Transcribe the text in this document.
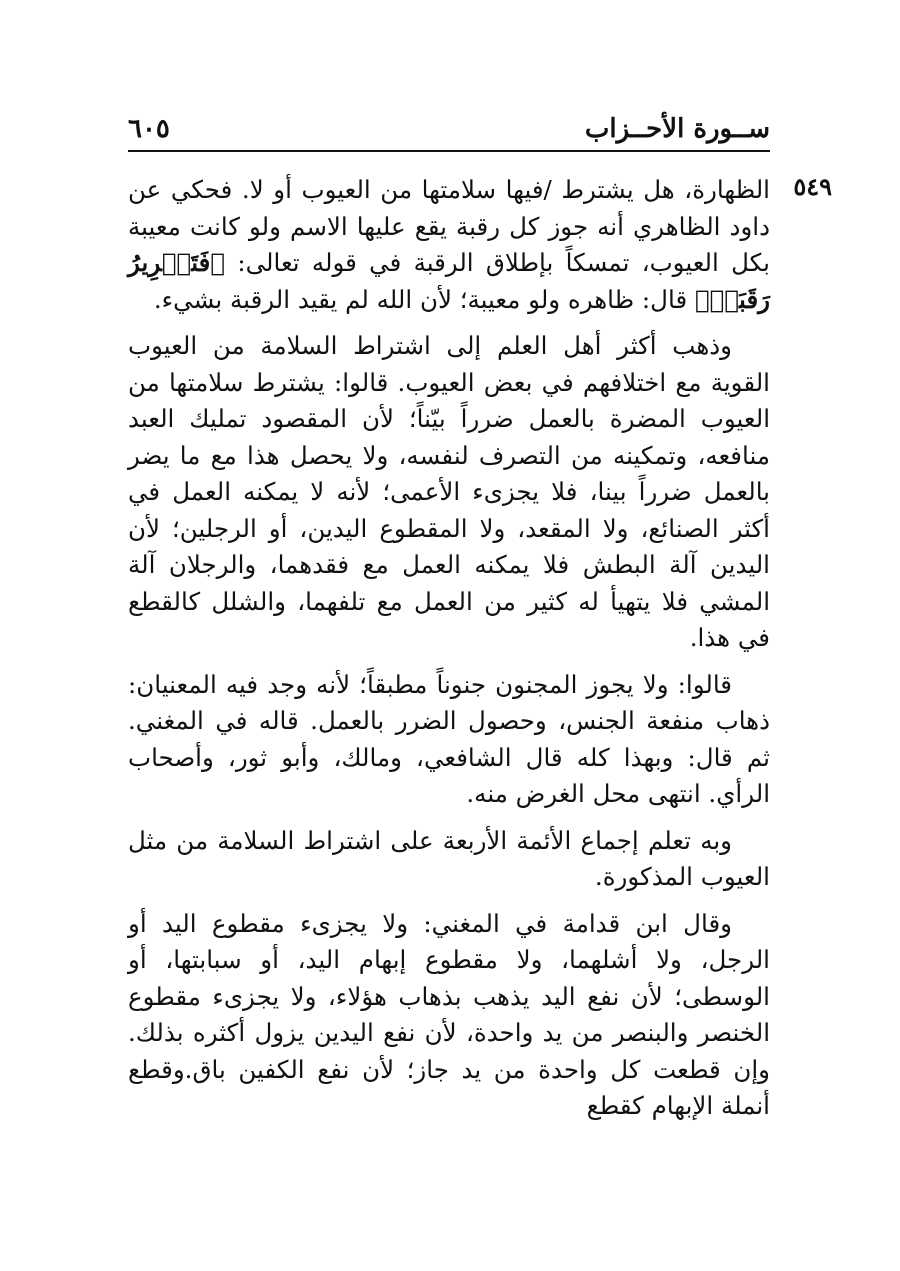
ســورة الأحــزاب
٦٠٥
٥٤٩

الظهارة، هل يشترط /فيها سلامتها من العيوب أو لا. فحكي عن داود الظاهري أنه جوز كل رقبة يقع عليها الاسم ولو كانت معيبة بكل العيوب، تمسكاً بإطلاق الرقبة في قوله تعالى: ﴿فَتَحۡرِيرُ رَقَبَةٖ﴾ قال: ظاهره ولو معيبة؛ لأن الله لم يقيد الرقبة بشيء.

وذهب أكثر أهل العلم إلى اشتراط السلامة من العيوب القوية مع اختلافهم في بعض العيوب. قالوا: يشترط سلامتها من العيوب المضرة بالعمل ضرراً بيّناً؛ لأن المقصود تمليك العبد منافعه، وتمكينه من التصرف لنفسه، ولا يحصل هذا مع ما يضر بالعمل ضرراً بينا، فلا يجزىء الأعمى؛ لأنه لا يمكنه العمل في أكثر الصنائع، ولا المقعد، ولا المقطوع اليدين، أو الرجلين؛ لأن اليدين آلة البطش فلا يمكنه العمل مع فقدهما، والرجلان آلة المشي فلا يتهيأ له كثير من العمل مع تلفهما، والشلل كالقطع في هذا.

قالوا: ولا يجوز المجنون جنوناً مطبقاً؛ لأنه وجد فيه المعنيان: ذهاب منفعة الجنس، وحصول الضرر بالعمل. قاله في المغني. ثم قال: وبهذا كله قال الشافعي، ومالك، وأبو ثور، وأصحاب الرأي. انتهى محل الغرض منه.

وبه تعلم إجماع الأئمة الأربعة على اشتراط السلامة من مثل العيوب المذكورة.

وقال ابن قدامة في المغني: ولا يجزىء مقطوع اليد أو الرجل، ولا أشلهما، ولا مقطوع إبهام اليد، أو سبابتها، أو الوسطى؛ لأن نفع اليد يذهب بذهاب هؤلاء، ولا يجزىء مقطوع الخنصر والبنصر من يد واحدة، لأن نفع اليدين يزول أكثره بذلك. وإن قطعت كل واحدة من يد جاز؛ لأن نفع الكفين باق.وقطع أنملة الإبهام كقطع
